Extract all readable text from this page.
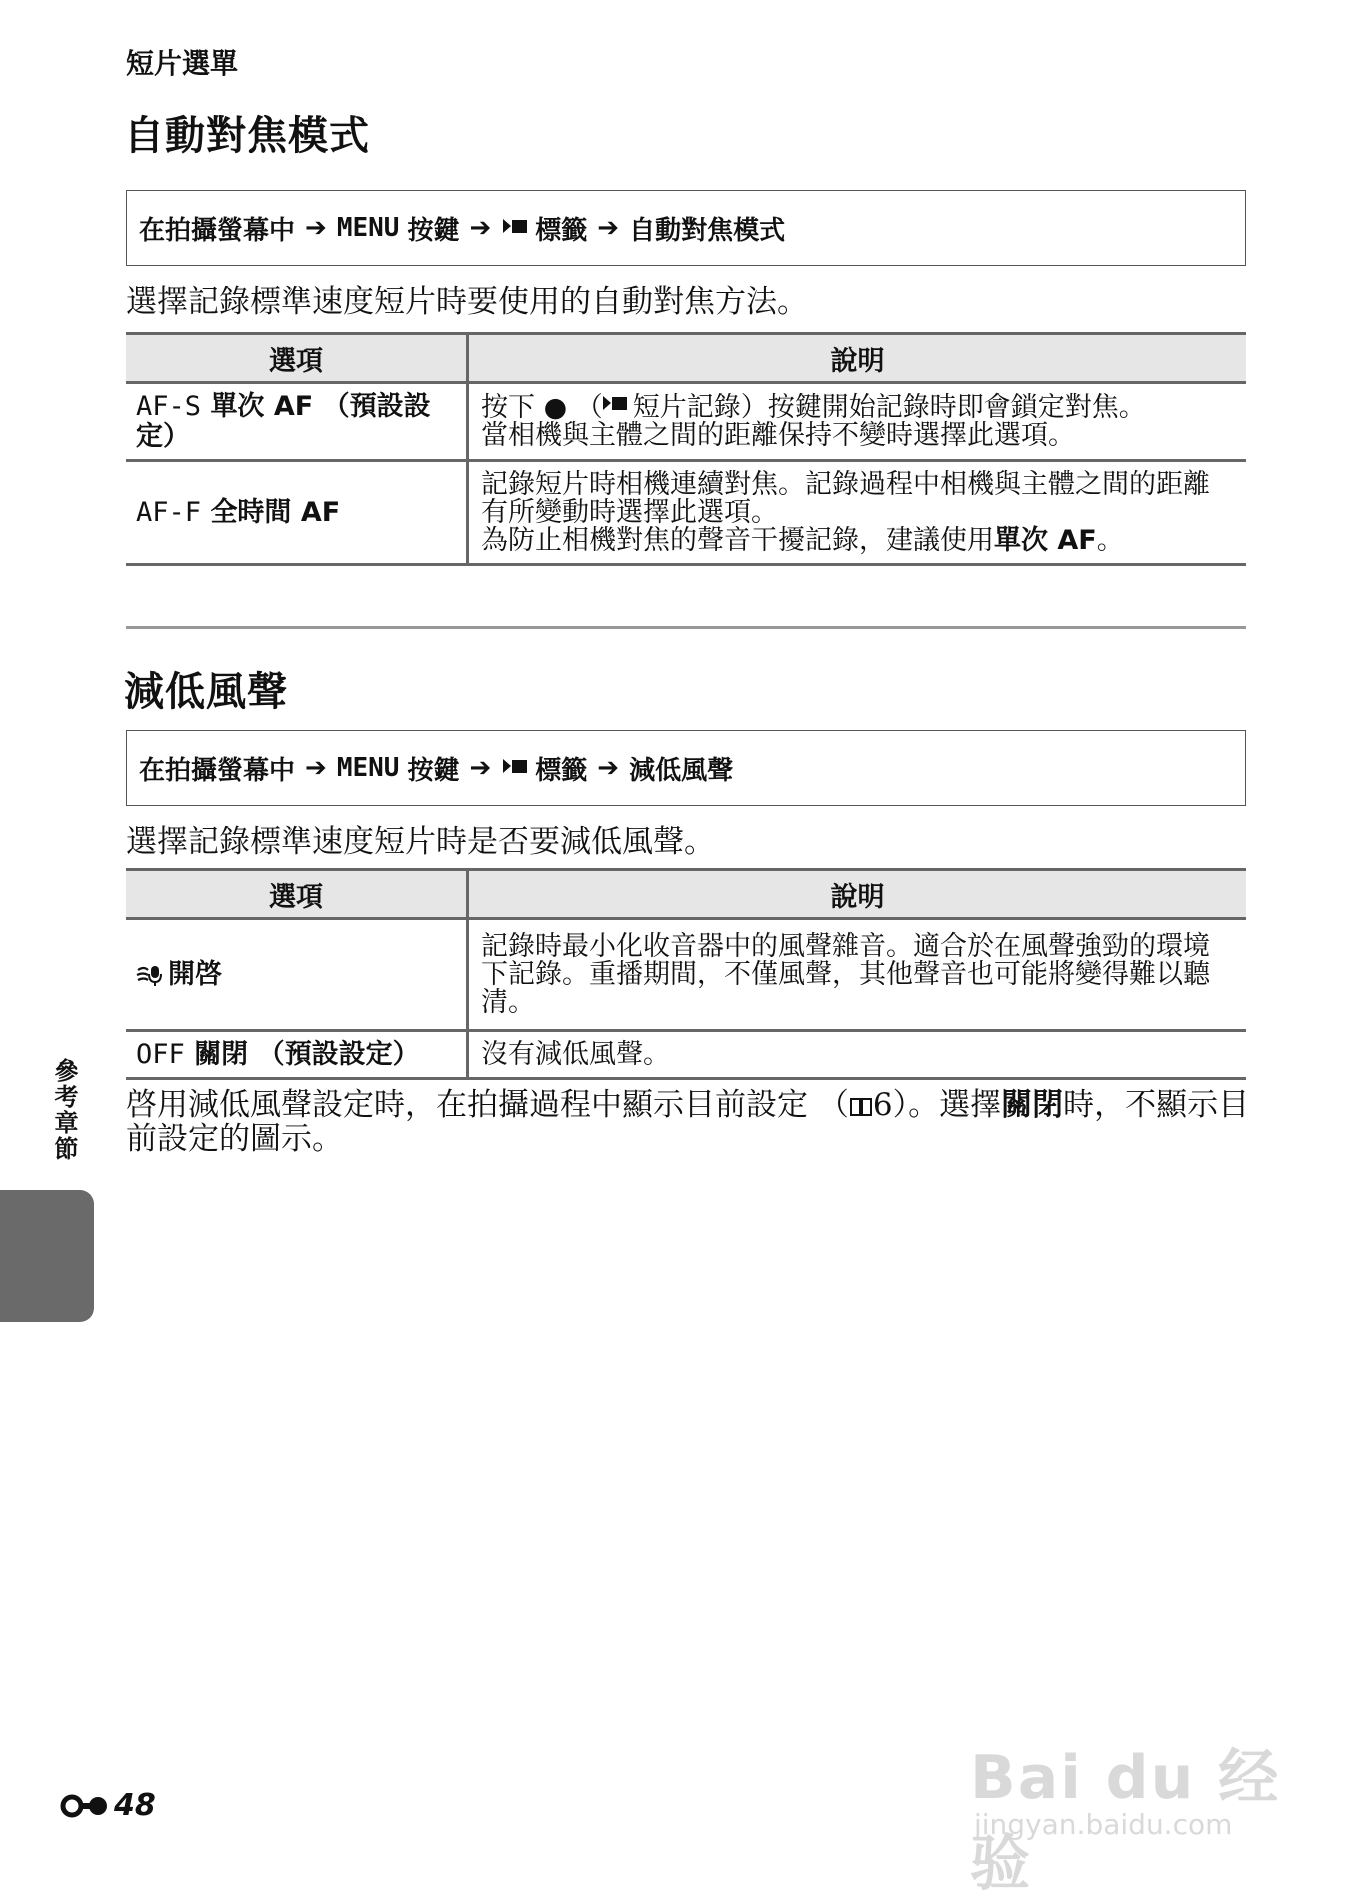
短片選單
自動對焦模式
在拍攝螢幕中 ➔ MENU 按鍵 ➔ 標籤 ➔ 自動對焦模式
選擇記錄標準速度短片時要使用的自動對焦方法。
選項	說明
AF-S 單次 AF （預設設定）	按下 ● （ 短片記錄）按鍵開始記錄時即會鎖定對焦。
當相機與主體之間的距離保持不變時選擇此選項。
AF-F 全時間 AF	記錄短片時相機連續對焦。記錄過程中相機與主體之間的距離有所變動時選擇此選項。
為防止相機對焦的聲音干擾記錄，建議使用單次 AF。
減低風聲
在拍攝螢幕中 ➔ MENU 按鍵 ➔ 標籤 ➔ 減低風聲
選擇記錄標準速度短片時是否要減低風聲。
選項	說明
開啓	記錄時最小化收音器中的風聲雜音。適合於在風聲強勁的環境下記錄。重播期間，不僅風聲，其他聲音也可能將變得難以聽清。
OFF 關閉 （預設設定）	沒有減低風聲。
啓用減低風聲設定時，在拍攝過程中顯示目前設定 （ 6）。選擇關閉時，不顯示目前設定的圖示。
參考章節
48	Bai du 经验
jingyan.baidu.com
